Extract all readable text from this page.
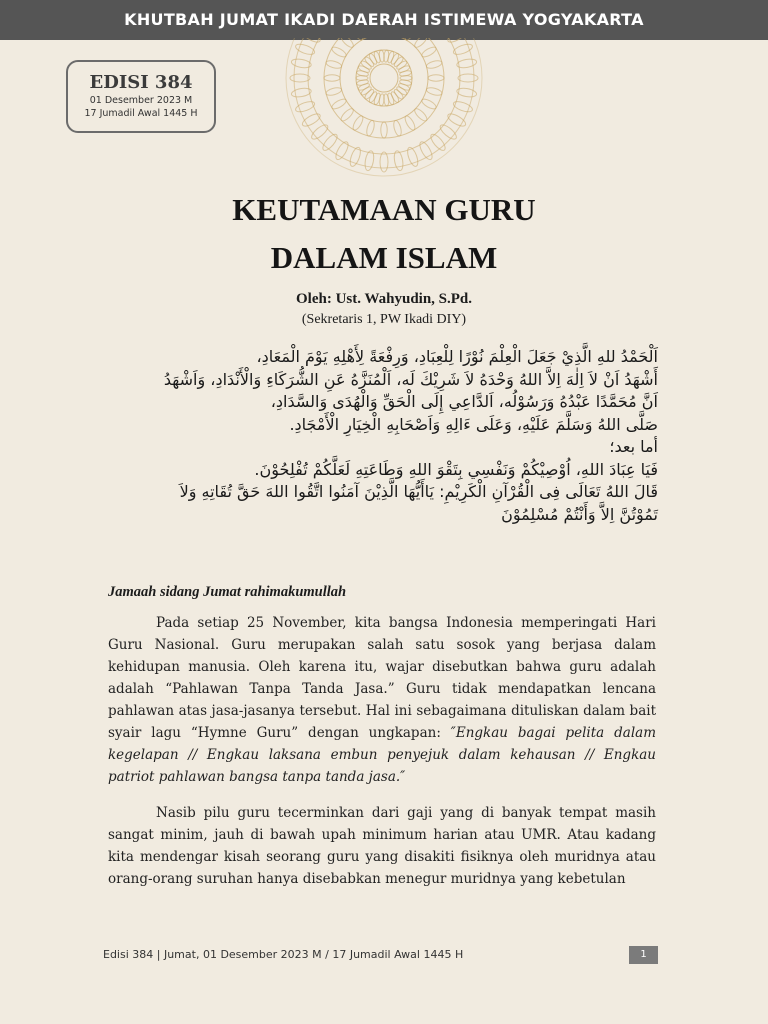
KHUTBAH JUMAT IKADI DAERAH ISTIMEWA YOGYAKARTA
EDISI 384
01 Desember 2023 M
17 Jumadil Awal 1445 H
KEUTAMAAN GURU
DALAM ISLAM
Oleh: Ust. Wahyudin, S.Pd.
(Sekretaris 1, PW Ikadi DIY)
اَلْحَمْدُ للهِ الَّذِيْ جَعَلَ الْعِلْمَ نُوْرًا لِلْعِبَادِ، وَرِفْعَةً لِأَهْلِهِ يَوْمَ الْمَعَادِ،
أَشْهَدُ اَنْ لاَ اِلٰهَ اِلاَّ اللهُ وَحْدَهُ لاَ شَرِيْكَ لَه، اَلْمُنَزَّهُ عَنِ الشُّرَكَاءِ وَالْأَنْدَادِ، وَاَشْهَدُ
اَنَّ مُحَمَّدًا عَبْدُهُ وَرَسُوْلُه، اَلدَّاعِي إِلَى الْحَقِّ وَالْهُدَى وَالسَّدَادِ،
صَلَّى اللهُ وَسَلَّمَ عَلَيْهِ، وَعَلَى ءَالِهِ وَاَصْحَابِهِ الْخِيَارِ الْأَمْجَادِ.
أما بعد؛
فَيَا عِبَادَ اللهِ، اُوْصِيْكُمْ وَنَفْسِي بِتَقْوَ اللهِ وَطَاعَتِهِ لَعَلَّكُمْ تُفْلِحُوْنَ.
قَالَ اللهُ تَعَالَى فِى الْقُرْآنِ الْكَرِيْمِ: يَاأَيُّهَا الَّذِيْنَ آمَنُوا اتَّقُوا اللهَ حَقَّ تُقَاتِهِ وَلاَ
تَمُوْتُنَّ اِلاَّ وَأَنْتُمْ مُسْلِمُوْنَ
Jamaah sidang Jumat rahimakumullah

Pada setiap 25 November, kita bangsa Indonesia memperingati Hari Guru Nasional. Guru merupakan salah satu sosok yang berjasa dalam kehidupan manusia. Oleh karena itu, wajar disebutkan bahwa guru adalah adalah “Pahlawan Tanpa Tanda Jasa.” Guru tidak mendapatkan lencana pahlawan atas jasa-jasanya tersebut. Hal ini sebagaimana dituliskan dalam bait syair lagu “Hymne Guru” dengan ungkapan: ″Engkau bagai pelita dalam kegelapan // Engkau laksana embun penyejuk dalam kehausan // Engkau patriot pahlawan bangsa tanpa tanda jasa.″

Nasib pilu guru tecerminkan dari gaji yang di banyak tempat masih sangat minim, jauh di bawah upah minimum harian atau UMR. Atau kadang kita mendengar kisah seorang guru yang disakiti fisiknya oleh muridnya atau orang-orang suruhan hanya disebabkan menegur muridnya yang kebetulan

Edisi 384 | Jumat, 01 Desember 2023 M / 17 Jumadil Awal 1445 H	1
